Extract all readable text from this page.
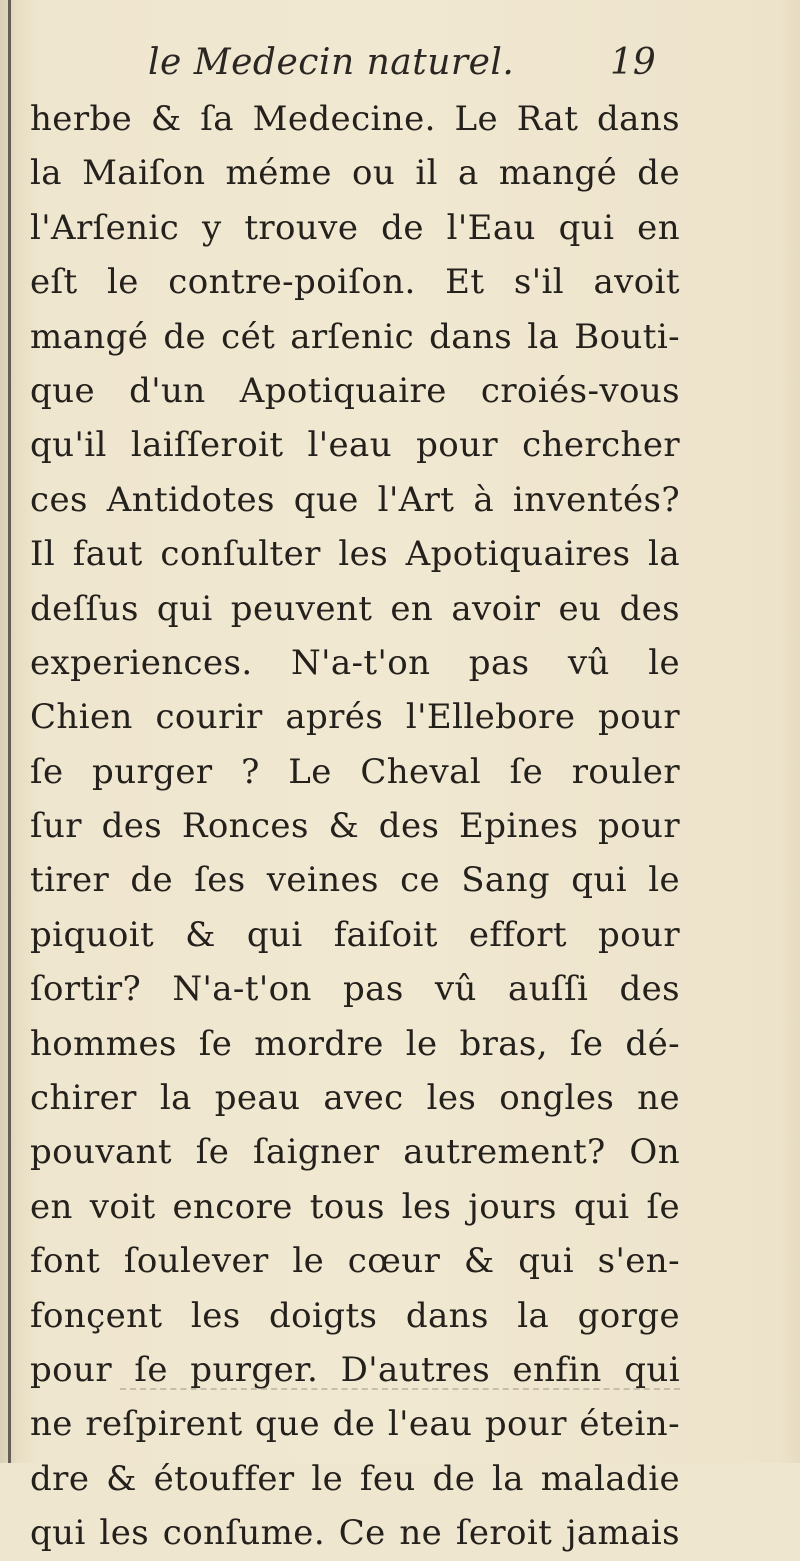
le Medecin naturel.	19
herbe & ſa Medecine. Le Rat dans
la Maiſon méme ou il a mangé de
l'Arſenic y trouve de l'Eau qui en
eſt le contre-poiſon. Et s'il avoit
mangé de cét arſenic dans la Bouti-
que d'un Apotiquaire croiés-vous
qu'il laiſſeroit l'eau pour chercher
ces Antidotes que l'Art à inventés?
Il faut conſulter les Apotiquaires la
deſſus qui peuvent en avoir eu des
experiences. N'a-t'on pas vû le
Chien courir aprés l'Ellebore pour
ſe purger ? Le Cheval ſe rouler
ſur des Ronces & des Epines pour
tirer de ſes veines ce Sang qui le
piquoit & qui faiſoit effort pour
ſortir? N'a-t'on pas vû auſſi des
hommes ſe mordre le bras, ſe dé-
chirer la peau avec les ongles ne
pouvant ſe ſaigner autrement? On
en voit encore tous les jours qui ſe
font ſoulever le cœur & qui s'en-
fonçent les doigts dans la gorge
pour ſe purger. D'autres enfin qui
ne reſpirent que de l'eau pour étein-
dre & étouffer le feu de la maladie
qui les conſume. Ce ne ſeroit jamais
